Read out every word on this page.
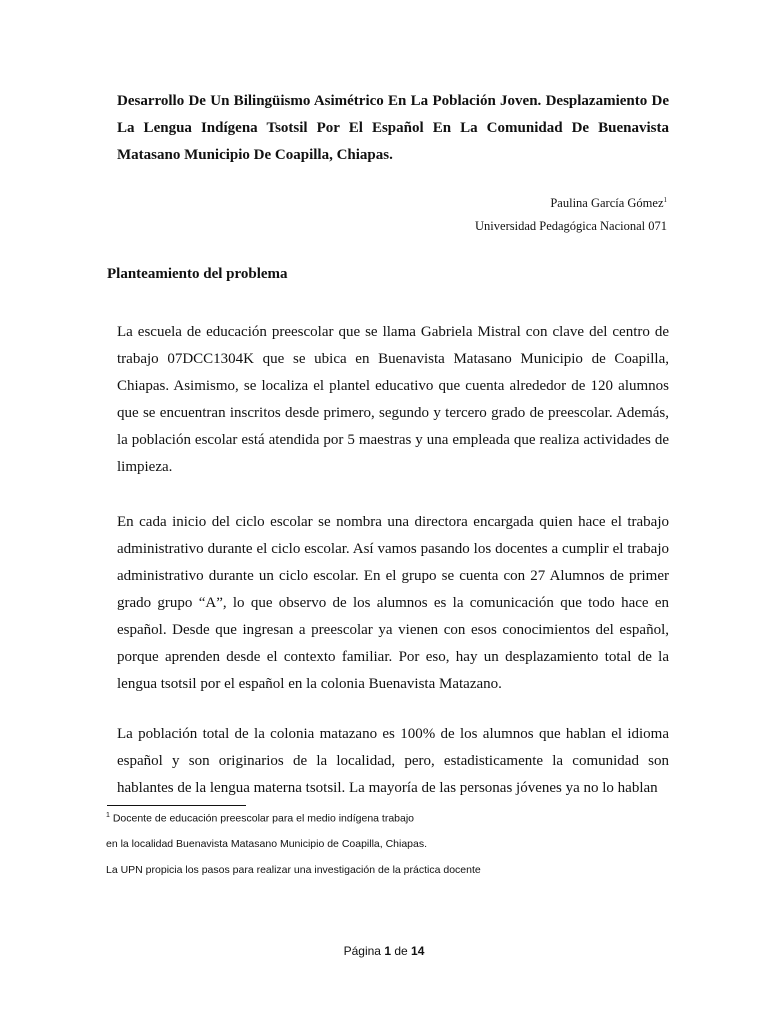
Desarrollo De Un Bilingüismo Asimétrico En La Población Joven. Desplazamiento De La Lengua Indígena Tsotsil Por El Español En La Comunidad De Buenavista Matasano Municipio De Coapilla, Chiapas.

Paulina García Gómez$^1$

Universidad Pedagógica Nacional 071

Planteamiento del problema

La escuela de educación preescolar que se llama Gabriela Mistral con clave del centro de trabajo 07DCC1304K que se ubica en Buenavista Matasano Municipio de Coapilla, Chiapas. Asimismo, se localiza el plantel educativo que cuenta alrededor de 120 alumnos que se encuentran inscritos desde primero, segundo y tercero grado de preescolar. Además, la población escolar está atendida por 5 maestras y una empleada que realiza actividades de limpieza.

En cada inicio del ciclo escolar se nombra una directora encargada quien hace el trabajo administrativo durante el ciclo escolar. Así vamos pasando los docentes a cumplir el trabajo administrativo durante un ciclo escolar. En el grupo se cuenta con 27 Alumnos de primer grado grupo “A”, lo que observo de los alumnos es la comunicación que todo hace en español. Desde que ingresan a preescolar ya vienen con esos conocimientos del español, porque aprenden desde el contexto familiar. Por eso, hay un desplazamiento total de la lengua tsotsil por el español en la colonia Buenavista Matazano.

La población total de la colonia matazano es 100% de los alumnos que hablan el idioma español y son originarios de la localidad, pero, estadisticamente la comunidad son hablantes de la lengua materna tsotsil. La mayoría de las personas jóvenes ya no lo hablan

$^1$ Docente de educación preescolar para el medio indígena trabajo

en la localidad Buenavista Matasano Municipio de Coapilla, Chiapas.

La UPN propicia los pasos para realizar una investigación de la práctica docente

Página 1 de 14
